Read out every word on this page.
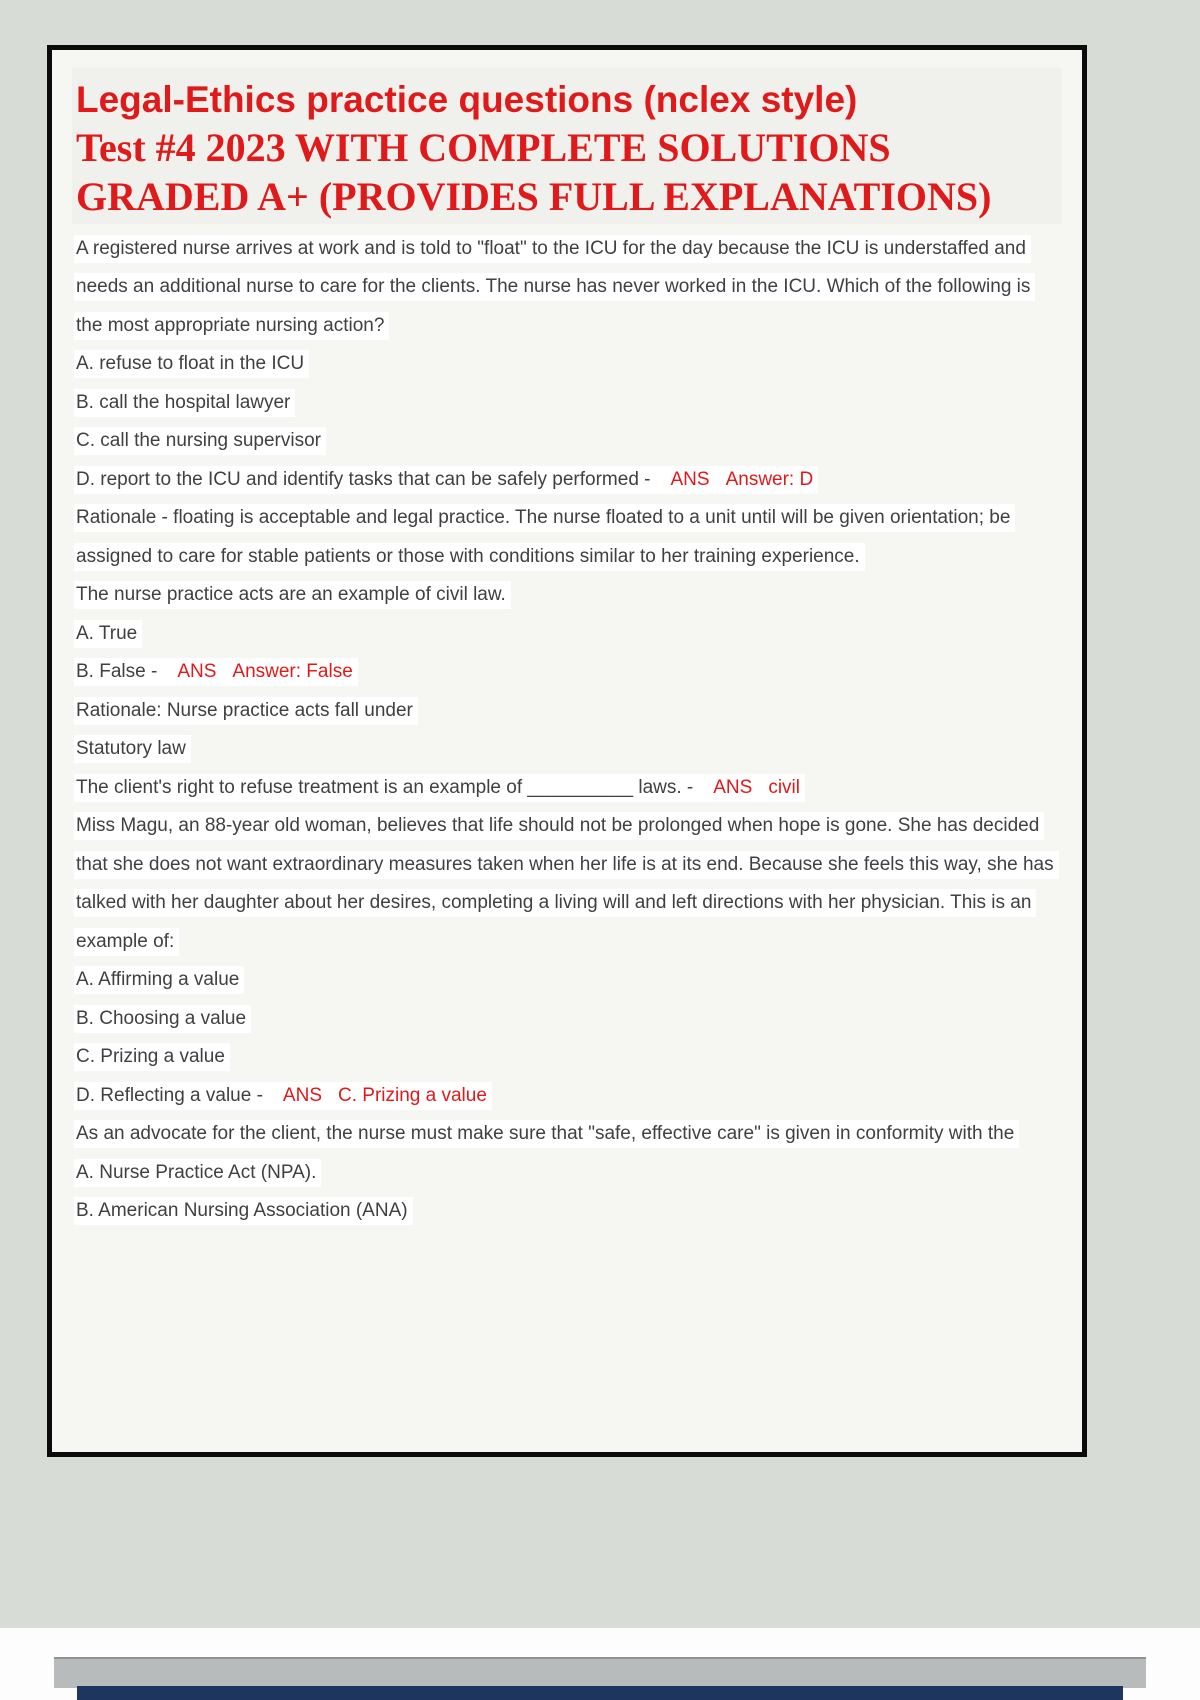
Legal-Ethics practice questions (nclex style)
Test #4 2023 WITH COMPLETE SOLUTIONS GRADED A+ (PROVIDES FULL EXPLANATIONS)

A registered nurse arrives at work and is told to "float" to the ICU for the day because the ICU is understaffed and needs an additional nurse to care for the clients. The nurse has never worked in the ICU. Which of the following is the most appropriate nursing action?

A. refuse to float in the ICU

B. call the hospital lawyer

C. call the nursing supervisor

D. report to the ICU and identify tasks that can be safely performed - ANS Answer: D

Rationale - floating is acceptable and legal practice. The nurse floated to a unit until will be given orientation; be assigned to care for stable patients or those with conditions similar to her training experience.

The nurse practice acts are an example of civil law.

A. True

B. False - ANS Answer: False

Rationale: Nurse practice acts fall under

Statutory law

The client's right to refuse treatment is an example of __________ laws. - ANS civil

Miss Magu, an 88-year old woman, believes that life should not be prolonged when hope is gone. She has decided that she does not want extraordinary measures taken when her life is at its end. Because she feels this way, she has talked with her daughter about her desires, completing a living will and left directions with her physician. This is an example of:

A. Affirming a value

B. Choosing a value

C. Prizing a value

D. Reflecting a value - ANS C. Prizing a value

As an advocate for the client, the nurse must make sure that "safe, effective care" is given in conformity with the

A. Nurse Practice Act (NPA).

B. American Nursing Association (ANA)
